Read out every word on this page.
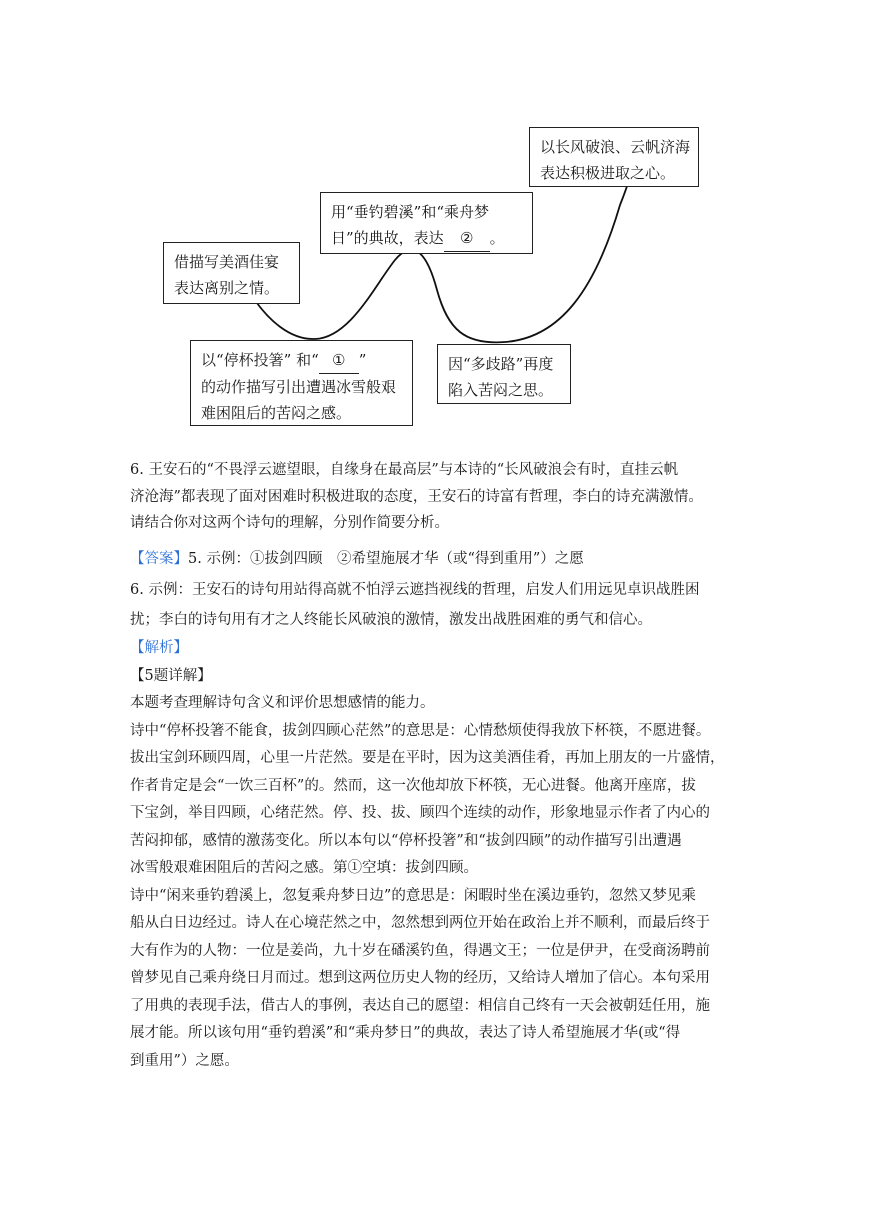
借描写美酒佳宴
表达离别之情。
用“垂钓碧溪”和“乘舟梦
日”的典故，表达 ② 。
以长风破浪、云帆济海
表达积极进取之心。
以“停杯投箸” 和“ ① ”
的动作描写引出遭遇冰雪般艰
难困阻后的苦闷之感。
因“多歧路”再度
陷入苦闷之思。

6. 王安石的“不畏浮云遮望眼，自缘身在最高层”与本诗的“长风破浪会有时，直挂云帆

济沧海”都表现了面对困难时积极进取的态度，王安石的诗富有哲理，李白的诗充满激情。

请结合你对这两个诗句的理解，分别作简要分析。

【答案】5. 示例：①拔剑四顾　②希望施展才华（或“得到重用”）之愿

6. 示例：王安石的诗句用站得高就不怕浮云遮挡视线的哲理，启发人们用远见卓识战胜困

扰；李白的诗句用有才之人终能长风破浪的激情，激发出战胜困难的勇气和信心。

【解析】

【5题详解】

本题考查理解诗句含义和评价思想感情的能力。

诗中“停杯投箸不能食，拔剑四顾心茫然”的意思是：心情愁烦使得我放下杯筷，不愿进餐。

拔出宝剑环顾四周，心里一片茫然。要是在平时，因为这美酒佳肴，再加上朋友的一片盛情，

作者肯定是会“一饮三百杯”的。然而，这一次他却放下杯筷，无心进餐。他离开座席，拔

下宝剑，举目四顾，心绪茫然。停、投、拔、顾四个连续的动作，形象地显示作者了内心的

苦闷抑郁，感情的激荡变化。所以本句以“停杯投箸”和“拔剑四顾”的动作描写引出遭遇

冰雪般艰难困阻后的苦闷之感。第①空填：拔剑四顾。

诗中“闲来垂钓碧溪上，忽复乘舟梦日边”的意思是：闲暇时坐在溪边垂钓，忽然又梦见乘

船从白日边经过。诗人在心境茫然之中，忽然想到两位开始在政治上并不顺利，而最后终于

大有作为的人物：一位是姜尚，九十岁在磻溪钓鱼，得遇文王；一位是伊尹，在受商汤聘前

曾梦见自己乘舟绕日月而过。想到这两位历史人物的经历，又给诗人增加了信心。本句采用

了用典的表现手法，借古人的事例，表达自己的愿望：相信自己终有一天会被朝廷任用，施

展才能。所以该句用“垂钓碧溪”和“乘舟梦日”的典故，表达了诗人希望施展才华(或“得

到重用”）之愿。
